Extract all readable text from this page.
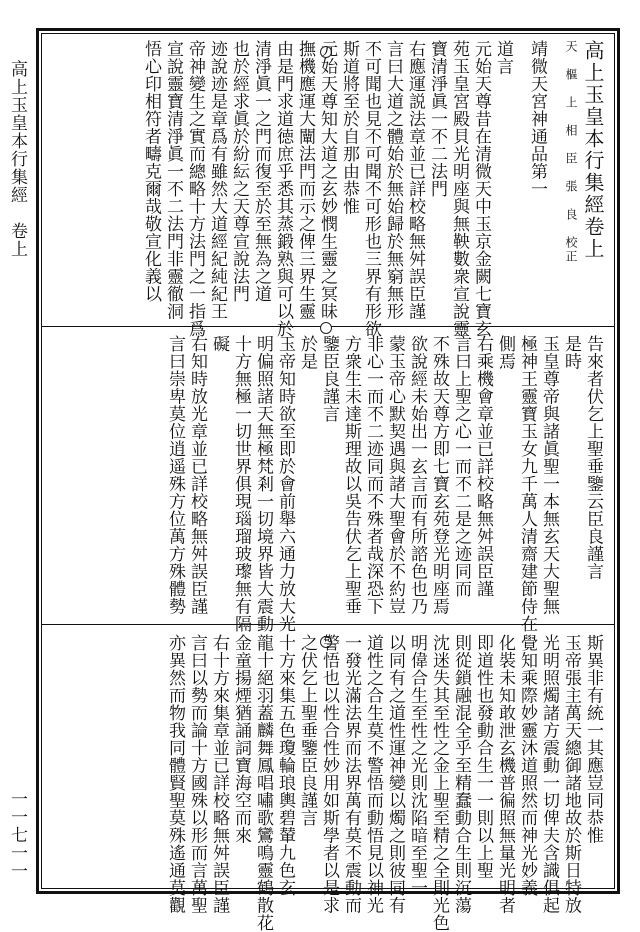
高上玉皇本行集經　卷上
一一七一一
高上玉皇本行集經卷上
天　樞　上　相　臣　張　良　校正
靖微天宮神通品第一
道言
元始天尊昔在清微天中玉京金闕七寶玄
苑玉皇宮殿貝光明座與無鞅數衆宣說靈
寶清淨眞一不二法門
右應運説法章並已詳校略無舛誤臣謹
言曰大道之體始於無始歸於無窮無形
不可聞也見不可聞不可形也三界有形欲
斯道將至於自那由恭惟
元始天尊知大道之玄妙憫生靈之冥昧
撫機應運大闡法門而示之俾三界生靈
由是門求道徳庶乎悉其蒸鍛熟與可以於
清淨眞一之門而復至於至無為之道
也於經求眞於紛紜之天尊宣說法門
迹說迹是章爲有雖然大道經紀純紀王
帝神變生之實而總略十方法門之一指爲
宣說靈寶清淨眞一不二法門非靈徹洞
悟心印相符者疇克爾哉敬宣化義以
告來者伏乞上聖垂鑒云臣良謹言
是時
玉皇尊帝與諸眞聖一本無玄天大聖無
極神王靈寶玉女九千萬人清齋建節侍在
側焉
右乘機會章並已詳校略無舛誤臣謹
言曰上聖之心一而不二是之迹同而
不殊故天尊方即七寶玄苑登光明座焉
欲說經未始出一玄言而有所諮色也乃
蒙玉帝心默契遇與諸大聖會於不約豈
非心一而不二迹同而不殊者哉深恐下
方衆生未達斯理故以吳告伏乞上聖垂
鑒臣良謹言
於是
玉帝知時欲至即於會前舉六通力放大光
明偏照諸天無極梵剎一切境界皆大震動
十方無極一切世界俱現瑙瑠玻瓈無有隔
礙
右知時放光章並已詳校略無舛誤臣謹
言曰崇卑莫位逍遥殊方位萬方殊體勢
斯異非有統一其應豈同恭惟
玉帝張主萬天總御諸地故於斯日特放
光明照燭諸方震動一切俾夫含識俱起
覺知乘際妙靈沐道照然而神光妙義
化裝未知敢泄玄機普徧照無量光明者
即道性也發動合生一一則以上聖
則從鎖融混全乎至精蠢動合生則沉蕩
沈迷失其至性之金上聖至精之全則光色
明偉合生至性之光則沈陷暗至聖一
以同有之道性運神變以燭之則彼同有
道性之合生莫不警悟而動悟見以神光
一發光滿法界而法界萬有莫不震動而
警悟也以性合性妙用如斯學者以是求
之伏乞上聖垂鑒臣良謹言
十方來集五色瓊輪琅輿碧輦九色玄
龍十絕羽蓋麟舞鳳唱嘯歌鸞鳴靈鶴散花
金童揚煙猶誦詞寶海空而來
右十方來集章並已詳校略無舛誤臣謹
言曰以勢而論十方國殊以形而言萬聖
亦異然而物我同體賢聖莫殊遙通莫觀
